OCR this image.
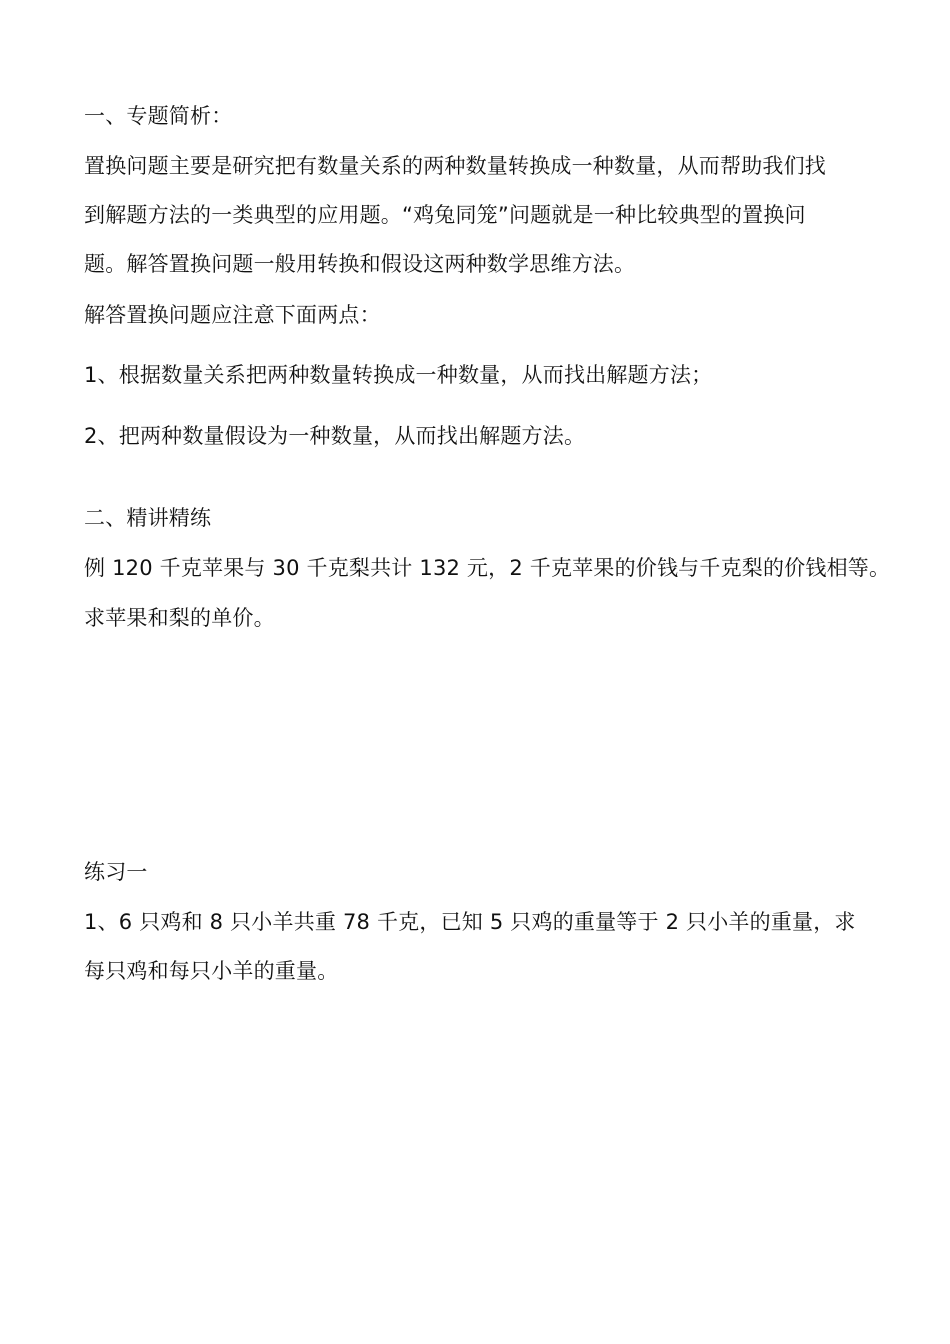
一、专题简析：
置换问题主要是研究把有数量关系的两种数量转换成一种数量，从而帮助我们找
到解题方法的一类典型的应用题。“鸡兔同笼”问题就是一种比较典型的置换问
题。解答置换问题一般用转换和假设这两种数学思维方法。
解答置换问题应注意下面两点：
1、根据数量关系把两种数量转换成一种数量，从而找出解题方法；
2、把两种数量假设为一种数量，从而找出解题方法。
二、精讲精练
例 120 千克苹果与 30 千克梨共计 132 元，2 千克苹果的价钱与千克梨的价钱相等。
求苹果和梨的单价。
练习一
1、6 只鸡和 8 只小羊共重 78 千克，已知 5 只鸡的重量等于 2 只小羊的重量，求
每只鸡和每只小羊的重量。
